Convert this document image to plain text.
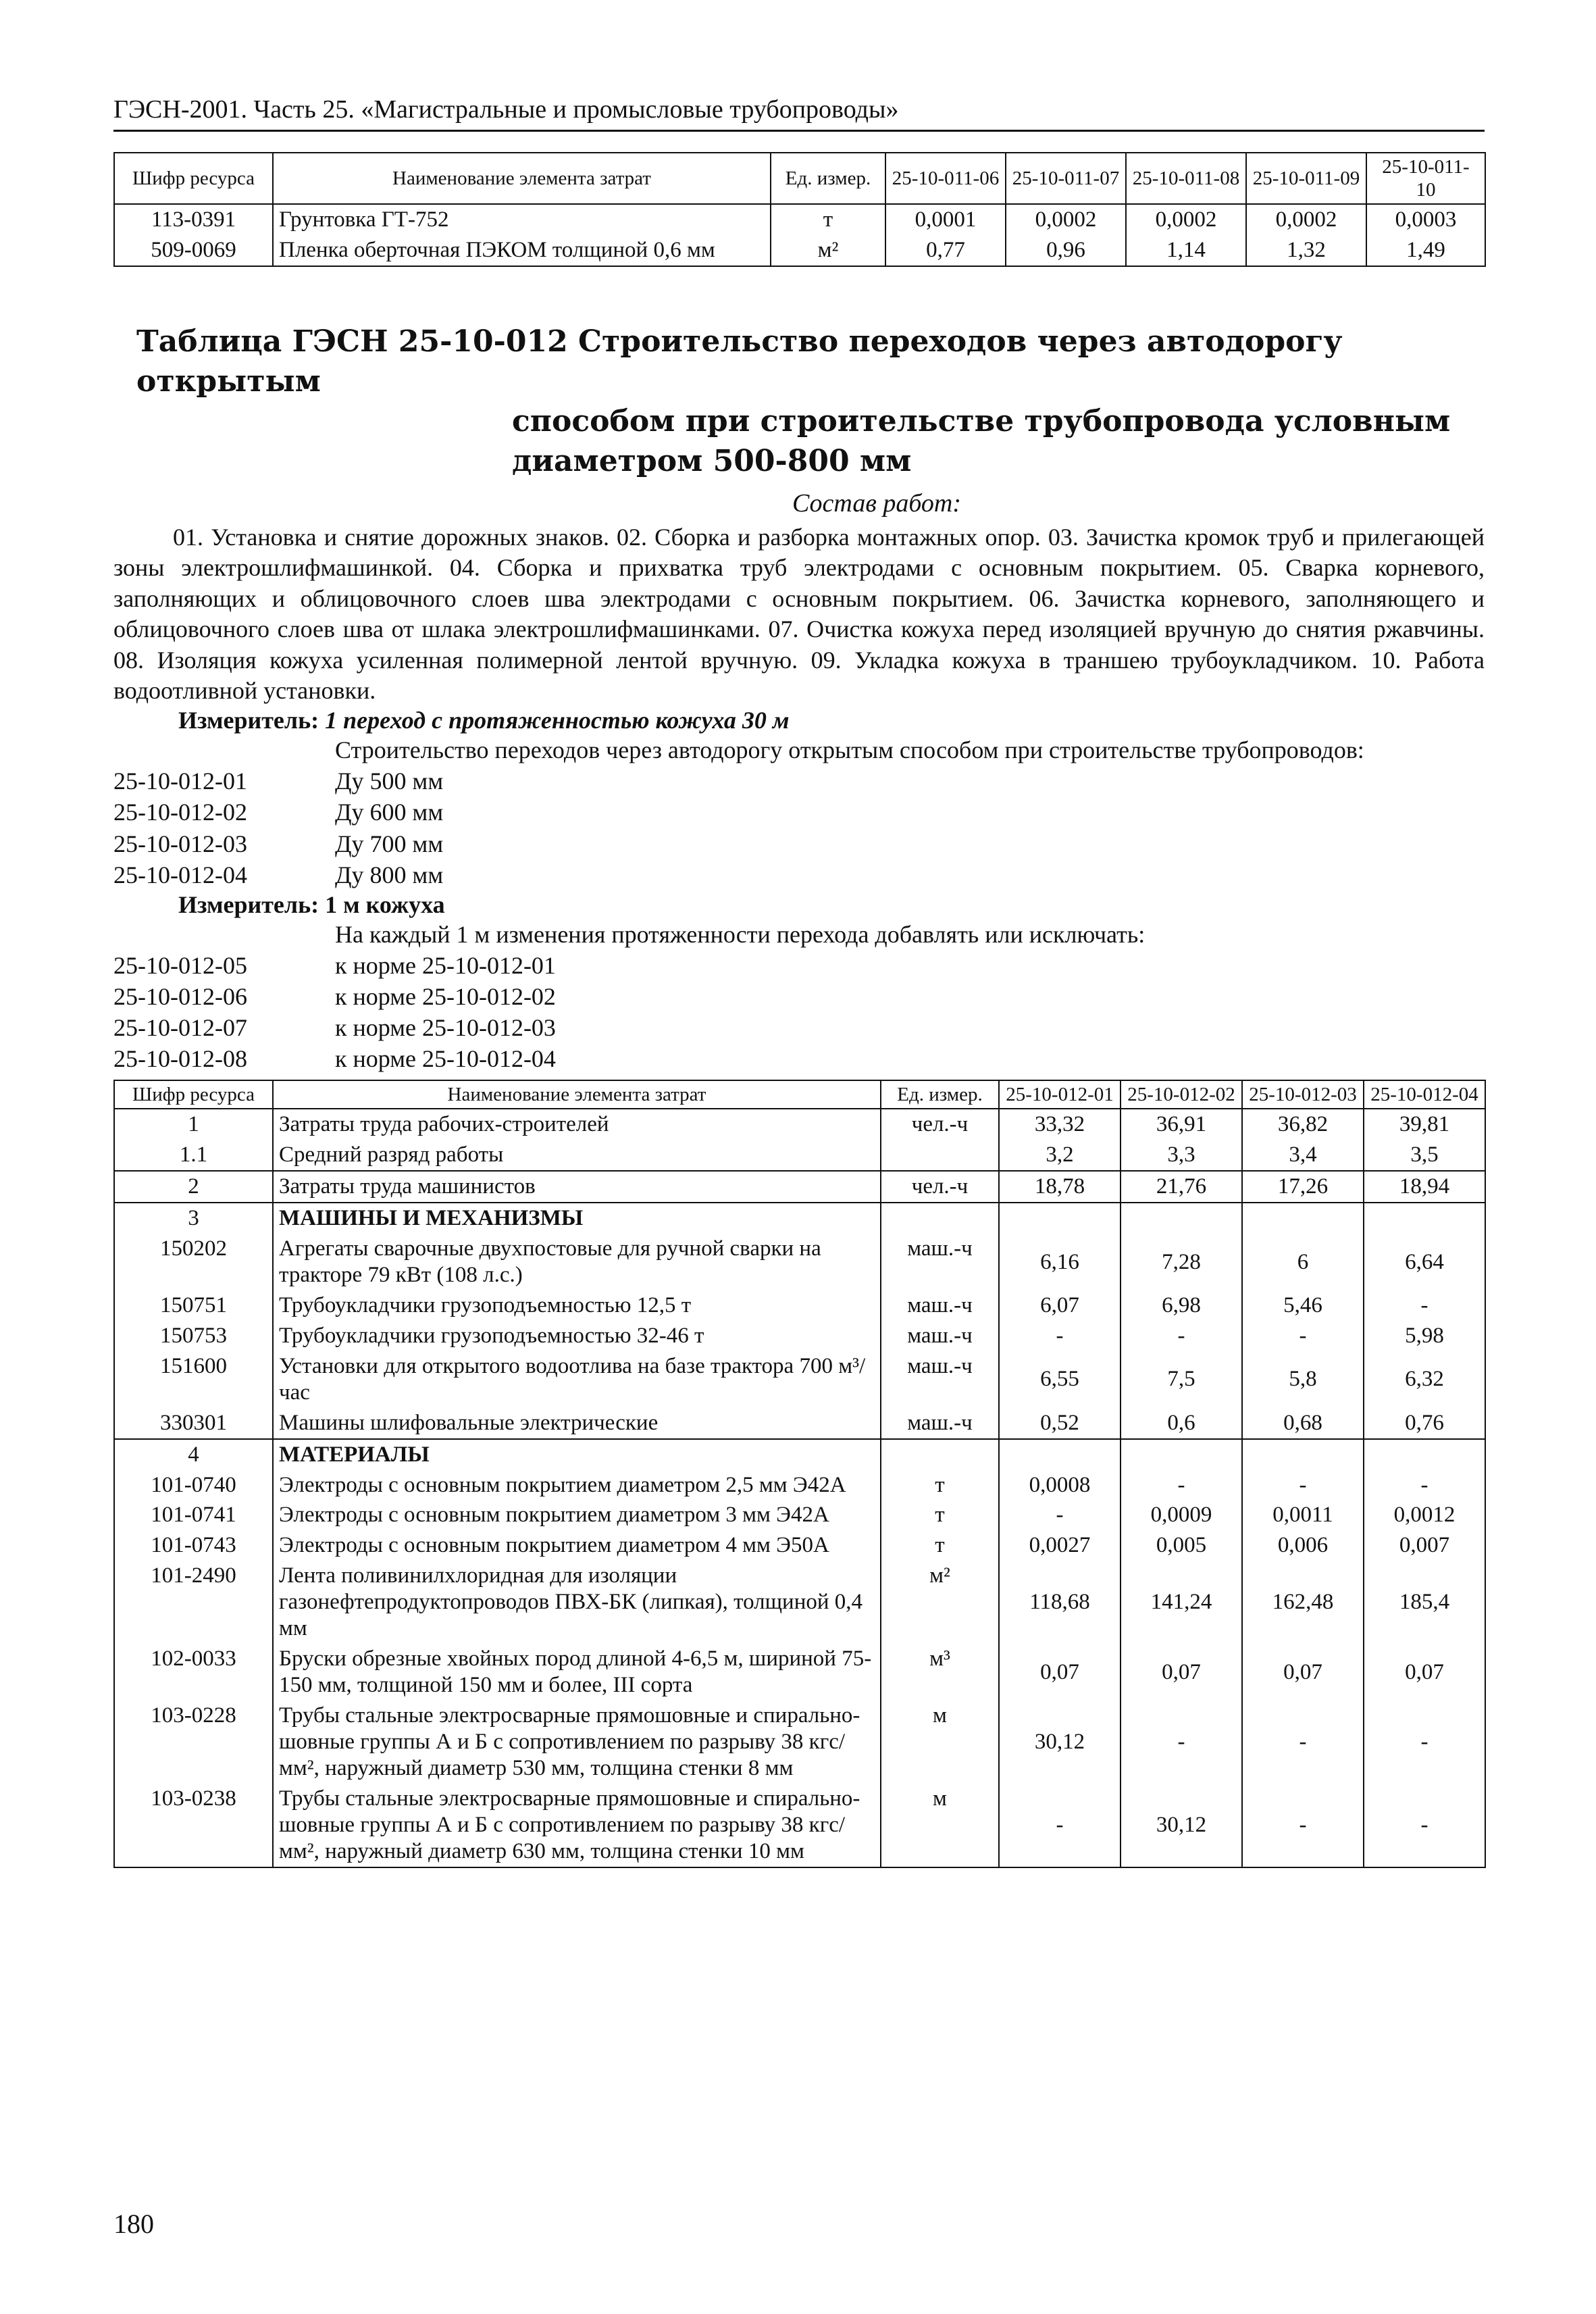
ГЭСН-2001. Часть 25. «Магистральные и промысловые трубопроводы»
Шифр ресурса	Наименование элемента затрат	Ед. измер.	25-10-011-06	25-10-011-07	25-10-011-08	25-10-011-09	25-10-011-10
113-0391	Грунтовка ГТ-752	т	0,0001	0,0002	0,0002	0,0002	0,0003
509-0069	Пленка оберточная ПЭКОМ толщиной 0,6 мм	м²	0,77	0,96	1,14	1,32	1,49
Таблица ГЭСН 25-10-012 Строительство переходов через автодорогу открытым
способом при строительстве трубопровода условным
диаметром 500-800 мм
Состав работ:
01. Установка и снятие дорожных знаков. 02. Сборка и разборка монтажных опор. 03. Зачистка кромок труб и прилегающей зоны электрошлифмашинкой. 04. Сборка и прихватка труб электродами с основным покрытием. 05. Сварка корневого, заполняющих и облицовочного слоев шва электродами с основным покрытием. 06. Зачистка корневого, заполняющего и облицовочного слоев шва от шлака электрошлифмашинками. 07. Очистка кожуха перед изоляцией вручную до снятия ржавчины. 08. Изоляция кожуха усиленная полимерной лентой вручную. 09. Укладка кожуха в траншею трубоукладчиком. 10. Работа водоотливной установки.
Измеритель: 1 переход с протяженностью кожуха 30 м
Строительство переходов через автодорогу открытым способом при строительстве трубопроводов:
25-10-012-01	Ду 500 мм
25-10-012-02	Ду 600 мм
25-10-012-03	Ду 700 мм
25-10-012-04	Ду 800 мм
Измеритель: 1 м кожуха
На каждый 1 м изменения протяженности перехода добавлять или исключать:
25-10-012-05	к норме 25-10-012-01
25-10-012-06	к норме 25-10-012-02
25-10-012-07	к норме 25-10-012-03
25-10-012-08	к норме 25-10-012-04
Шифр ресурса	Наименование элемента затрат	Ед. измер.	25-10-012-01	25-10-012-02	25-10-012-03	25-10-012-04
1	Затраты труда рабочих-строителей	чел.-ч	33,32	36,91	36,82	39,81
1.1	Средний разряд работы		3,2	3,3	3,4	3,5
2	Затраты труда машинистов	чел.-ч	18,78	21,76	17,26	18,94
3	МАШИНЫ И МЕХАНИЗМЫ					
150202	Агрегаты сварочные двухпостовые для ручной сварки на тракторе 79 кВт (108 л.с.)	маш.-ч	6,16	7,28	6	6,64
150751	Трубоукладчики грузоподъемностью 12,5 т	маш.-ч	6,07	6,98	5,46	-
150753	Трубоукладчики грузоподъемностью 32-46 т	маш.-ч	-	-	-	5,98
151600	Установки для открытого водоотлива на базе трактора 700 м³/час	маш.-ч	6,55	7,5	5,8	6,32
330301	Машины шлифовальные электрические	маш.-ч	0,52	0,6	0,68	0,76
4	МАТЕРИАЛЫ					
101-0740	Электроды с основным покрытием диаметром 2,5 мм Э42А	т	0,0008	-	-	-
101-0741	Электроды с основным покрытием диаметром 3 мм Э42А	т	-	0,0009	0,0011	0,0012
101-0743	Электроды с основным покрытием диаметром 4 мм Э50А	т	0,0027	0,005	0,006	0,007
101-2490	Лента поливинилхлоридная для изоляции газонефтепродуктопроводов ПВХ-БК (липкая), толщиной 0,4 мм	м²	118,68	141,24	162,48	185,4
102-0033	Бруски обрезные хвойных пород длиной 4-6,5 м, шириной 75-150 мм, толщиной 150 мм и более, III сорта	м³	0,07	0,07	0,07	0,07
103-0228	Трубы стальные электросварные прямошовные и спирально-шовные группы А и Б с сопротивлением по разрыву 38 кгс/мм², наружный диаметр 530 мм, толщина стенки 8 мм	м	30,12	-	-	-
103-0238	Трубы стальные электросварные прямошовные и спирально-шовные группы А и Б с сопротивлением по разрыву 38 кгс/мм², наружный диаметр 630 мм, толщина стенки 10 мм	м	-	30,12	-	-
180
